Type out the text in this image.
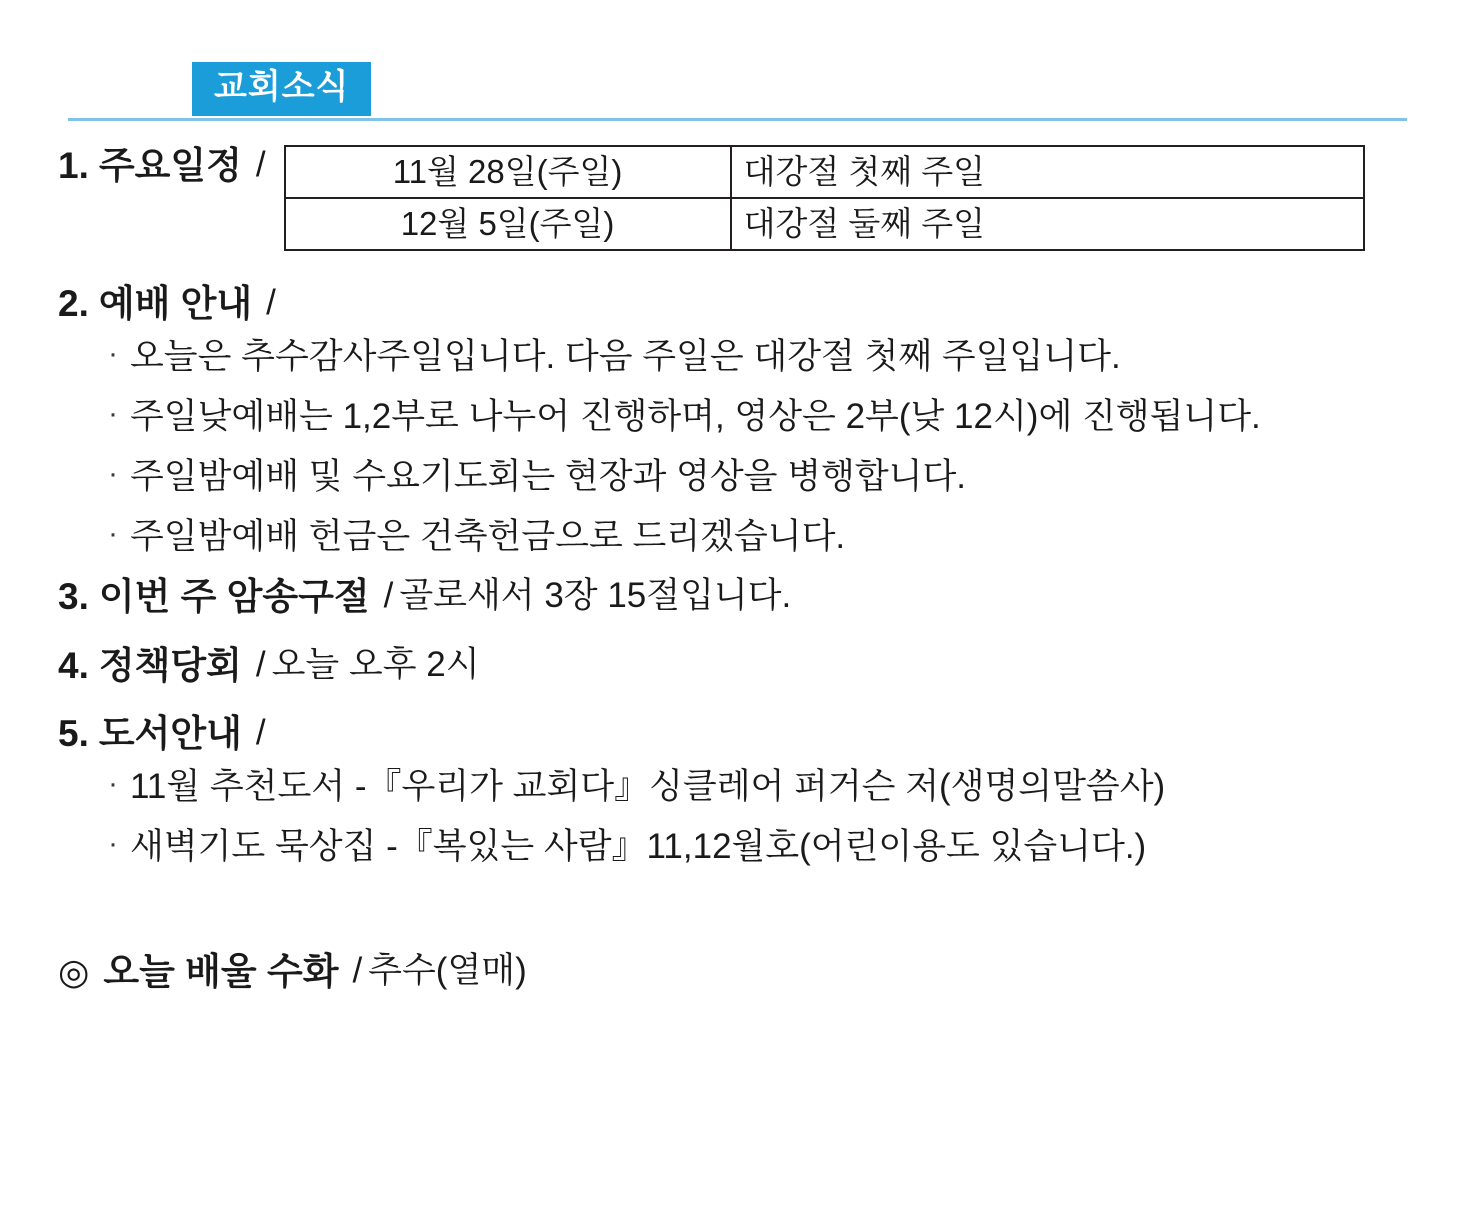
교회소식
1. 주요일정 /	11월 28일(주일)	대강절 첫째 주일
12월 5일(주일)	대강절 둘째 주일
2. 예배 안내 /
· 오늘은 추수감사주일입니다. 다음 주일은 대강절 첫째 주일입니다.
· 주일낮예배는 1,2부로 나누어 진행하며, 영상은 2부(낮 12시)에 진행됩니다.
· 주일밤예배 및 수요기도회는 현장과 영상을 병행합니다.
· 주일밤예배 헌금은 건축헌금으로 드리겠습니다.
3. 이번 주 암송구절 / 골로새서 3장 15절입니다.
4. 정책당회 / 오늘 오후 2시
5. 도서안내 /
· 11월 추천도서 -『우리가 교회다』싱클레어 퍼거슨 저(생명의말씀사)
· 새벽기도 묵상집 -『복있는 사람』11,12월호(어린이용도 있습니다.)
◎ 오늘 배울 수화 / 추수(열매)
